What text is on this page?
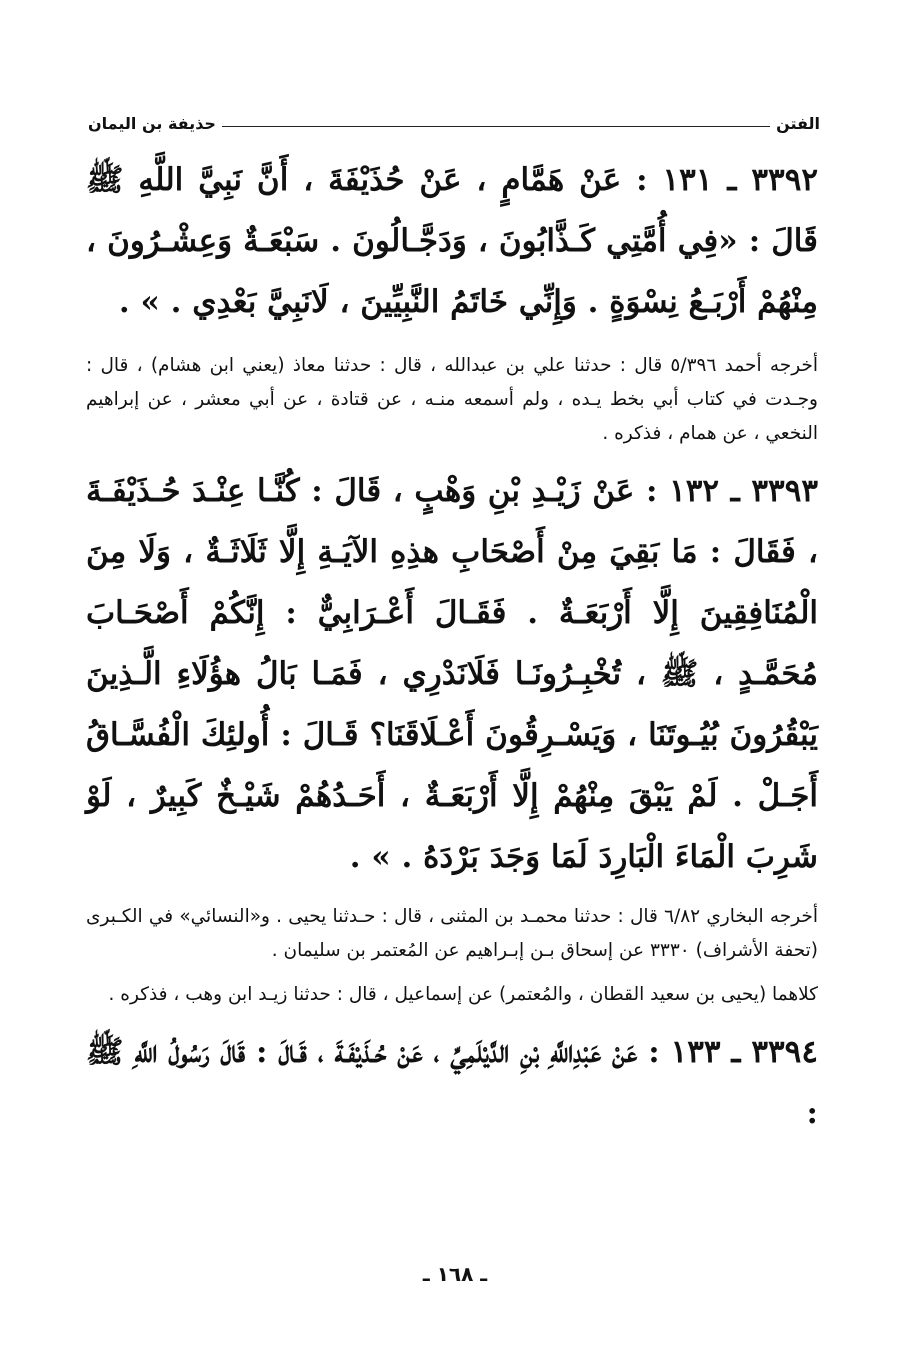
الفتن
حذيفة بن اليمان

٣٣٩٢ ـ ١٣١ : عَنْ هَمَّامٍ ، عَنْ حُذَيْفَةَ ، أَنَّ نَبِيَّ اللَّهِ ﷺ قَالَ : «فِي أُمَّتِي كَـذَّابُونَ ، وَدَجَّـالُونَ . سَبْعَـةٌ وَعِشْـرُونَ ، مِنْهُمْ أَرْبَـعُ نِسْوَةٍ . وَإِنِّي خَاتَمُ النَّبِيِّينَ ، لَانَبِيَّ بَعْدِي . » .

أخرجه أحمد ٥/٣٩٦ قال : حدثنا علي بن عبدالله ، قال : حدثنا معاذ (يعني ابن هشام) ، قال : وجـدت في كتاب أبي بخط يـده ، ولم أسمعه منـه ، عن قتادة ، عن أبي معشر ، عن إبراهيم النخعي ، عن همام ، فذكره .

٣٣٩٣ ـ ١٣٢ : عَنْ زَيْـدِ بْنِ وَهْبٍ ، قَالَ : كُنَّـا عِنْـدَ حُـذَيْفَـةَ ، فَقَالَ : مَا بَقِيَ مِنْ أَصْحَابِ هذِهِ الآيَـةِ إِلَّا ثَلَاثَـةٌ ، وَلَا مِنَ الْمُنَافِقِينَ إِلَّا أَرْبَعَـةٌ . فَقَـالَ أَعْـرَابِيٌّ : إِنَّكُمْ أَصْحَـابَ مُحَمَّـدٍ ، ﷺ ، تُخْبِـرُونَـا فَلَانَدْرِي ، فَمَـا بَالُ هؤُلَاءِ الَّـذِينَ يَبْقُرُونَ بُيُـوتَنَا ، وَيَسْـرِقُونَ أَعْـلَاقَنَا؟ قَـالَ : أُولئِكَ الْفُسَّـاقُ أَجَـلْ . لَمْ يَبْقَ مِنْهُمْ إِلَّا أَرْبَعَـةٌ ، أَحَـدُهُمْ شَيْـخٌ كَبِيرٌ ، لَوْ شَرِبَ الْمَاءَ الْبَارِدَ لَمَا وَجَدَ بَرْدَهُ . » .

أخرجه البخاري ٦/٨٢ قال : حدثنا محمـد بن المثنى ، قال : حـدثنا يحيى . و«النسائي» في الكـبرى (تحفة الأشراف) ٣٣٣٠ عن إسحاق بـن إبـراهيم عن المُعتمر بن سليمان .

كلاهما (يحيى بن سعيد القطان ، والمُعتمر) عن إسماعيل ، قال : حدثنا زيـد ابن وهب ، فذكره .

٣٣٩٤ ـ ١٣٣ : عَنْ عَبْدِاللَّهِ بْنِ الدَّيْلَمِيِّ ، عَنْ حُـذَيْفَـةَ ، قَـالَ : قَالَ رَسُولُ اللَّهِ ﷺ :

ـ ١٦٨ ـ
